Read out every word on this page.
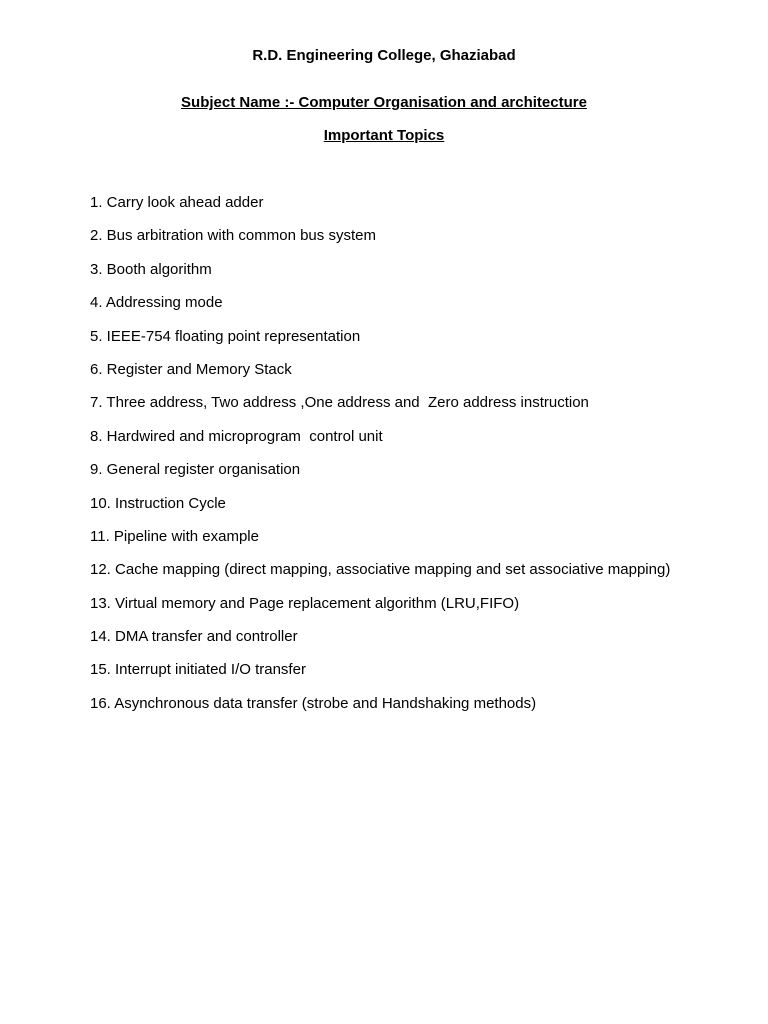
R.D. Engineering College, Ghaziabad
Subject Name :- Computer Organisation and architecture
Important Topics
1. Carry look ahead adder
2. Bus arbitration with common bus system
3. Booth algorithm
4. Addressing mode
5. IEEE-754 floating point representation
6. Register and Memory Stack
7. Three address, Two address ,One address and  Zero address instruction
8. Hardwired and microprogram  control unit
9. General register organisation
10. Instruction Cycle
11. Pipeline with example
12. Cache mapping (direct mapping, associative mapping and set associative mapping)
13. Virtual memory and Page replacement algorithm (LRU,FIFO)
14. DMA transfer and controller
15. Interrupt initiated I/O transfer
16. Asynchronous data transfer (strobe and Handshaking methods)
